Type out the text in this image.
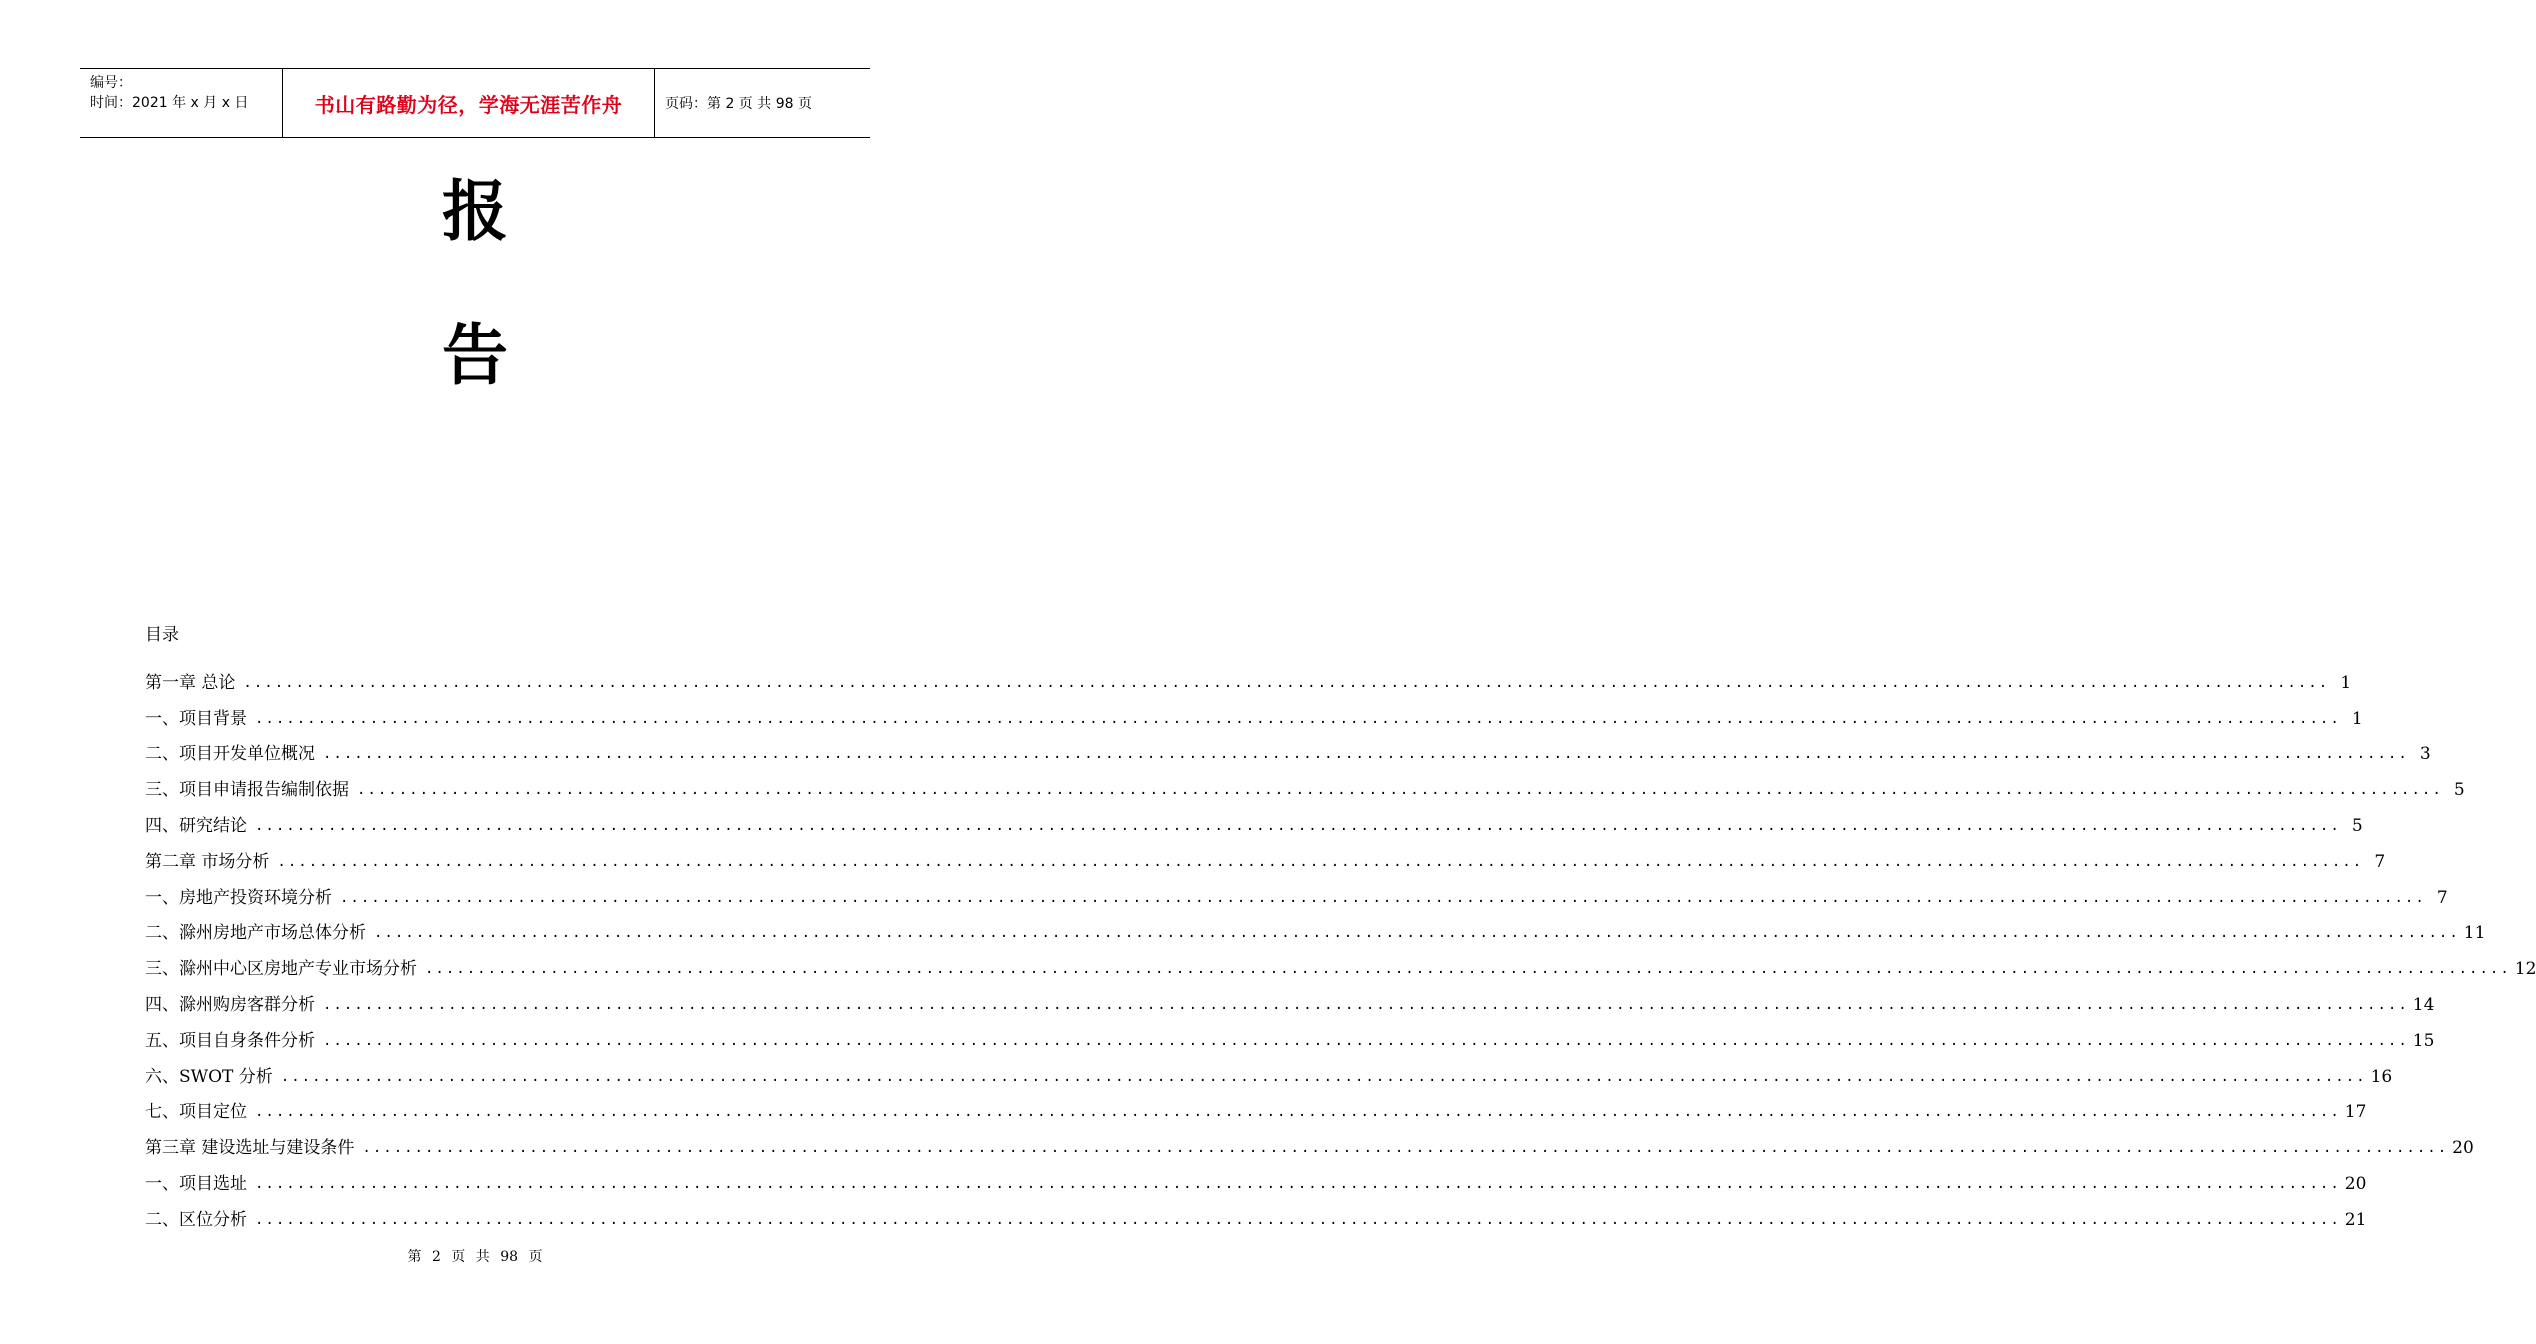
编号：
时间：2021 年 x 月 x 日	书山有路勤为径，学海无涯苦作舟	页码：第 2 页 共 98 页
报
告
目录
第一章 总论 ........................................................................................................................................................................................................ 1
一、项目背景 ........................................................................................................................................................................................................ 1
二、项目开发单位概况 ........................................................................................................................................................................................................ 3
三、项目申请报告编制依据 ........................................................................................................................................................................................................ 5
四、研究结论 ........................................................................................................................................................................................................ 5
第二章 市场分析 ........................................................................................................................................................................................................ 7
一、房地产投资环境分析 ........................................................................................................................................................................................................ 7
二、滁州房地产市场总体分析 ........................................................................................................................................................................................................ 11
三、滁州中心区房地产专业市场分析 ........................................................................................................................................................................................................ 12
四、滁州购房客群分析 ........................................................................................................................................................................................................ 14
五、项目自身条件分析 ........................................................................................................................................................................................................ 15
六、SWOT 分析 ........................................................................................................................................................................................................ 16
七、项目定位 ........................................................................................................................................................................................................ 17
第三章 建设选址与建设条件 ........................................................................................................................................................................................................ 20
一、项目选址 ........................................................................................................................................................................................................ 20
二、区位分析 ........................................................................................................................................................................................................ 21
第 2 页 共 98 页
